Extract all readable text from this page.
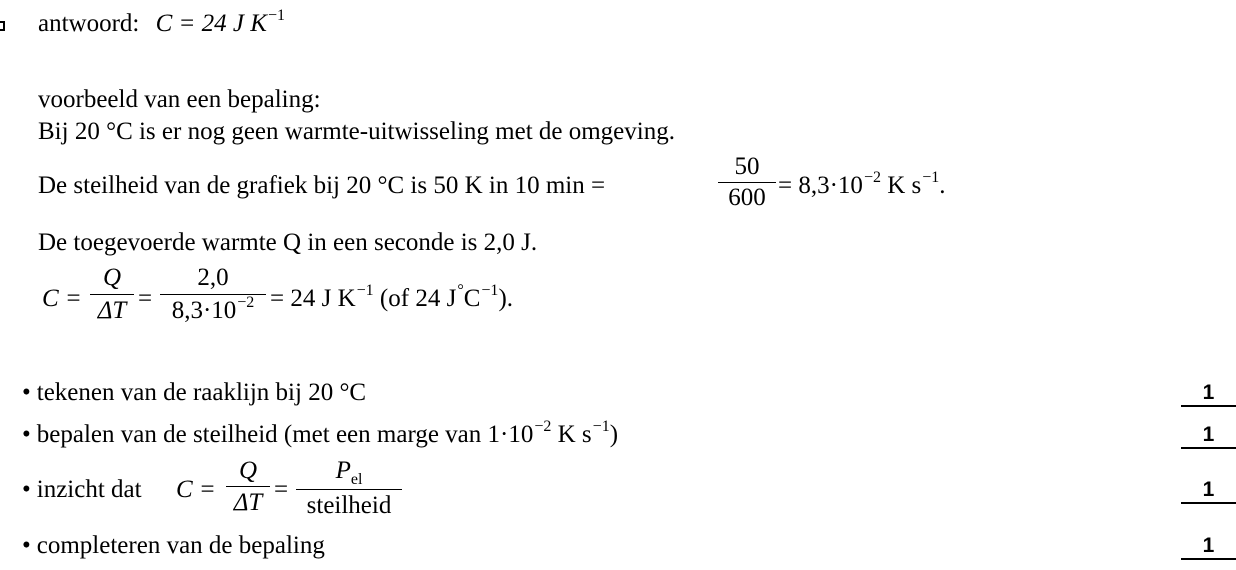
antwoord: C = 24 J $K^{-1}$
voorbeeld van een bepaling:
Bij 20 °C is er nog geen warmte-uitwisseling met de omgeving.
De steilheid van de grafiek bij 20 °C is 50 K in 10 min =
50
$600 = 8,3\cdot 10^{-2}$ K $s^{-1}$.
De toegevoerde warmte Q in een seconde is 2,0 J.
C =
Q
ΔT =
2,0
$8,3\cdot 10^{-2} = 24$ J $K^{-1}$ (of 24 $J^\circ C^{-1}$).
• tekenen van de raaklijn bij 20 °C	1
• bepalen van de steilheid (met een marge van $1\cdot 10^{-2}$ K $s^{-1}$)	1
• inzicht dat C =
Q
ΔT =
$P_{el}$
steilheid
1
• completeren van de bepaling	1
